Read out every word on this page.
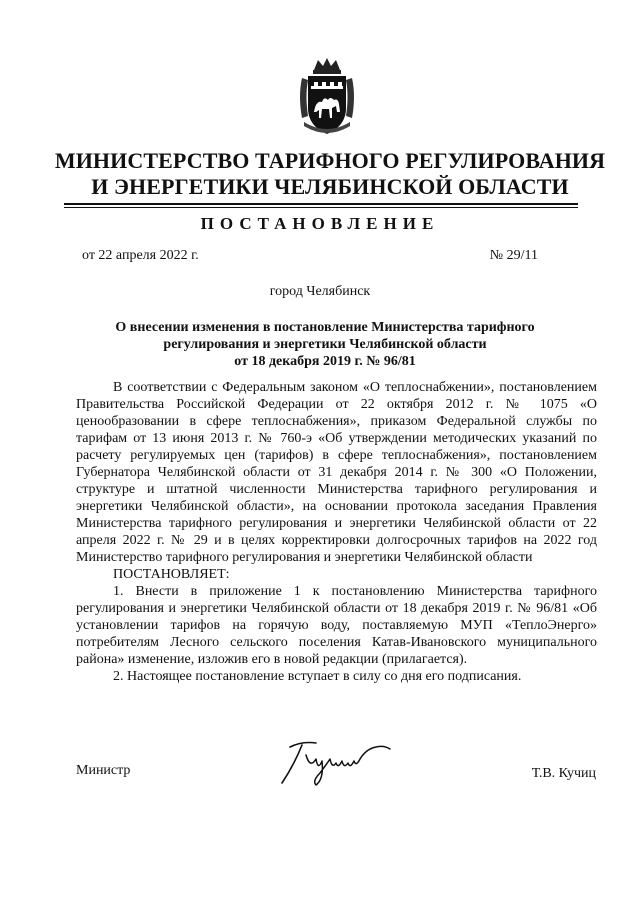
МИНИСТЕРСТВО ТАРИФНОГО РЕГУЛИРОВАНИЯ
И ЭНЕРГЕТИКИ ЧЕЛЯБИНСКОЙ ОБЛАСТИ
ПОСТАНОВЛЕНИЕ
от 22 апреля 2022 г.	№ 29/11
город Челябинск
О внесении изменения в постановление Министерства тарифного
регулирования и энергетики Челябинской области
от 18 декабря 2019 г. № 96/81

В соответствии с Федеральным законом «О теплоснабжении», постановлением Правительства Российской Федерации от 22 октября 2012 г. № 1075 «О ценообразовании в сфере теплоснабжения», приказом Федеральной службы по тарифам от 13 июня 2013 г. № 760-э «Об утверждении методических указаний по расчету регулируемых цен (тарифов) в сфере теплоснабжения», постановлением Губернатора Челябинской области от 31 декабря 2014 г. № 300 «О Положении, структуре и штатной численности Министерства тарифного регулирования и энергетики Челябинской области», на основании протокола заседания Правления Министерства тарифного регулирования и энергетики Челябинской области от 22 апреля 2022 г. № 29 и в целях корректировки долгосрочных тарифов на 2022 год Министерство тарифного регулирования и энергетики Челябинской области

ПОСТАНОВЛЯЕТ:

1. Внести в приложение 1 к постановлению Министерства тарифного регулирования и энергетики Челябинской области от 18 декабря 2019 г. № 96/81 «Об установлении тарифов на горячую воду, поставляемую МУП «ТеплоЭнерго» потребителям Лесного сельского поселения Катав-Ивановского муниципального района» изменение, изложив его в новой редакции (прилагается).

2. Настоящее постановление вступает в силу со дня его подписания.

Министр	Т.В. Кучиц
